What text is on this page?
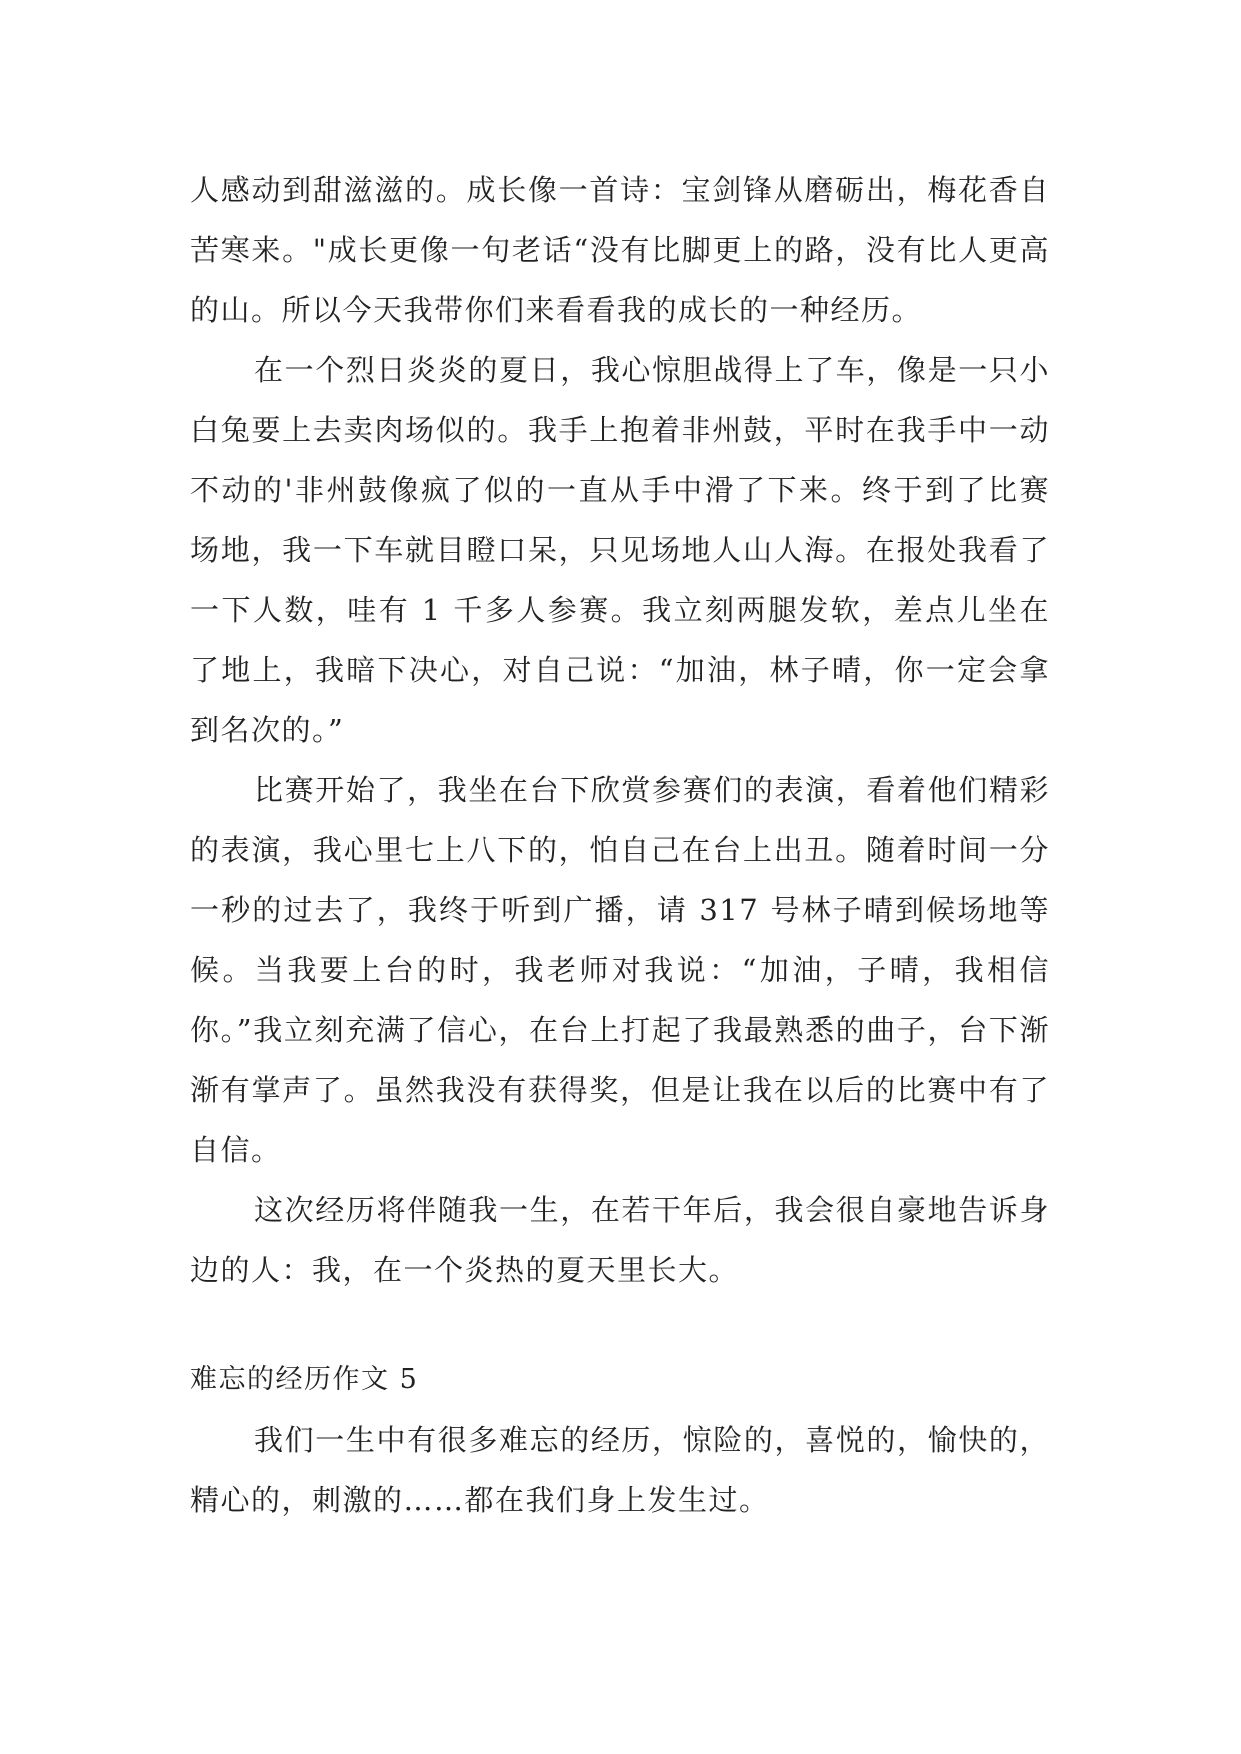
人感动到甜滋滋的。成长像一首诗：宝剑锋从磨砺出，梅花香自苦寒来。"成长更像一句老话“没有比脚更上的路，没有比人更高的山。所以今天我带你们来看看我的成长的一种经历。

在一个烈日炎炎的夏日，我心惊胆战得上了车，像是一只小白兔要上去卖肉场似的。我手上抱着非州鼓，平时在我手中一动不动的'非州鼓像疯了似的一直从手中滑了下来。终于到了比赛场地，我一下车就目瞪口呆，只见场地人山人海。在报处我看了一下人数，哇有 1 千多人参赛。我立刻两腿发软，差点儿坐在了地上，我暗下决心，对自己说：“加油，林子晴，你一定会拿到名次的。”

比赛开始了，我坐在台下欣赏参赛们的表演，看着他们精彩的表演，我心里七上八下的，怕自己在台上出丑。随着时间一分一秒的过去了，我终于听到广播，请 317 号林子晴到候场地等候。当我要上台的时，我老师对我说：“加油，子晴，我相信你。”我立刻充满了信心，在台上打起了我最熟悉的曲子，台下渐渐有掌声了。虽然我没有获得奖，但是让我在以后的比赛中有了自信。

这次经历将伴随我一生，在若干年后，我会很自豪地告诉身边的人：我，在一个炎热的夏天里长大。

难忘的经历作文 5

我们一生中有很多难忘的经历，惊险的，喜悦的，愉快的，精心的，刺激的……都在我们身上发生过。
